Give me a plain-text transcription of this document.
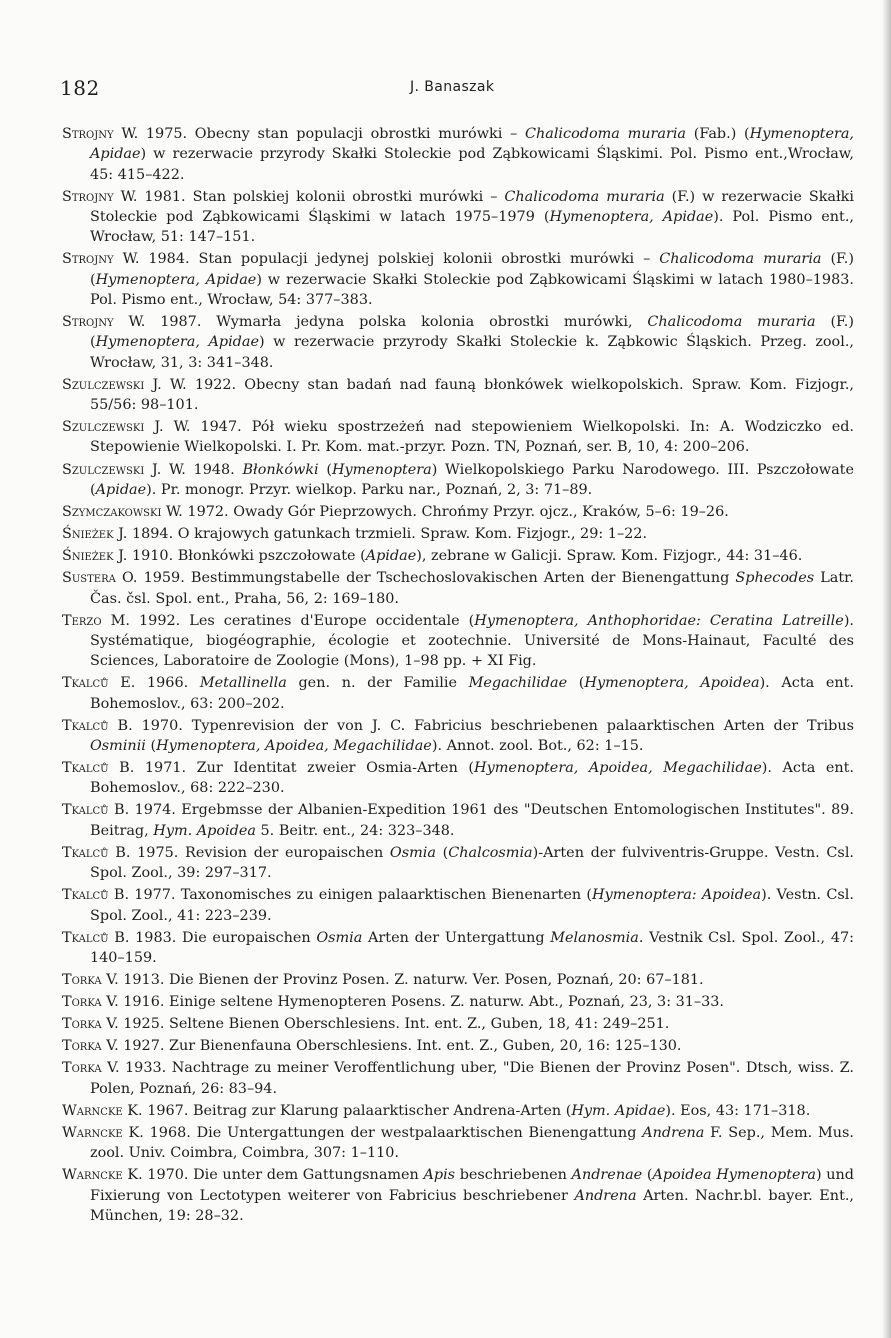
182	J. Banaszak
Strojny W. 1975. Obecny stan populacji obrostki murówki – Chalicodoma muraria (Fab.) (Hymenoptera, Apidae) w rezerwacie przyrody Skałki Stoleckie pod Ząbkowicami Śląskimi. Pol. Pismo ent.,Wrocław, 45: 415–422.
Strojny W. 1981. Stan polskiej kolonii obrostki murówki – Chalicodoma muraria (F.) w rezerwacie Skałki Stoleckie pod Ząbkowicami Śląskimi w latach 1975–1979 (Hymenoptera, Apidae). Pol. Pismo ent., Wrocław, 51: 147–151.
Strojny W. 1984. Stan populacji jedynej polskiej kolonii obrostki murówki – Chalicodoma muraria (F.) (Hymenoptera, Apidae) w rezerwacie Skałki Stoleckie pod Ząbkowicami Śląskimi w latach 1980–1983. Pol. Pismo ent., Wrocław, 54: 377–383.
Strojny W. 1987. Wymarła jedyna polska kolonia obrostki murówki, Chalicodoma muraria (F.) (Hymenoptera, Apidae) w rezerwacie przyrody Skałki Stoleckie k. Ząbkowic Śląskich. Przeg. zool., Wrocław, 31, 3: 341–348.
Szulczewski J. W. 1922. Obecny stan badań nad fauną błonkówek wielkopolskich. Spraw. Kom. Fizjogr., 55/56: 98–101.
Szulczewski J. W. 1947. Pół wieku spostrzeżeń nad stepowieniem Wielkopolski. In: A. Wodziczko ed. Stepowienie Wielkopolski. I. Pr. Kom. mat.-przyr. Pozn. TN, Poznań, ser. B, 10, 4: 200–206.
Szulczewski J. W. 1948. Błonkówki (Hymenoptera) Wielkopolskiego Parku Narodowego. III. Pszczołowate (Apidae). Pr. monogr. Przyr. wielkop. Parku nar., Poznań, 2, 3: 71–89.
Szymczakowski W. 1972. Owady Gór Pieprzowych. Chrońmy Przyr. ojcz., Kraków, 5–6: 19–26.
Śnieżek J. 1894. O krajowych gatunkach trzmieli. Spraw. Kom. Fizjogr., 29: 1–22.
Śnieżek J. 1910. Błonkówki pszczołowate (Apidae), zebrane w Galicji. Spraw. Kom. Fizjogr., 44: 31–46.
Sustera O. 1959. Bestimmungstabelle der Tschechoslovakischen Arten der Bienengattung Sphecodes Latr. Čas. čsl. Spol. ent., Praha, 56, 2: 169–180.
Terzo M. 1992. Les ceratines d'Europe occidentale (Hymenoptera, Anthophoridae: Ceratina Latreille). Systématique, biogéographie, écologie et zootechnie. Université de Mons-Hainaut, Faculté des Sciences, Laboratoire de Zoologie (Mons), 1–98 pp. + XI Fig.
Tkalců E. 1966. Metallinella gen. n. der Familie Megachilidae (Hymenoptera, Apoidea). Acta ent. Bohemoslov., 63: 200–202.
Tkalců B. 1970. Typenrevision der von J. C. Fabricius beschriebenen palaarktischen Arten der Tribus Osminii (Hymenoptera, Apoidea, Megachilidae). Annot. zool. Bot., 62: 1–15.
Tkalců B. 1971. Zur Identitat zweier Osmia-Arten (Hymenoptera, Apoidea, Megachilidae). Acta ent. Bohemoslov., 68: 222–230.
Tkalců B. 1974. Ergebmsse der Albanien-Expedition 1961 des "Deutschen Entomologischen Institutes". 89. Beitrag, Hym. Apoidea 5. Beitr. ent., 24: 323–348.
Tkalců B. 1975. Revision der europaischen Osmia (Chalcosmia)-Arten der fulviventris-Gruppe. Vestn. Csl. Spol. Zool., 39: 297–317.
Tkalců B. 1977. Taxonomisches zu einigen palaarktischen Bienenarten (Hymenoptera: Apoidea). Vestn. Csl. Spol. Zool., 41: 223–239.
Tkalců B. 1983. Die europaischen Osmia Arten der Untergattung Melanosmia. Vestnik Csl. Spol. Zool., 47: 140–159.
Torka V. 1913. Die Bienen der Provinz Posen. Z. naturw. Ver. Posen, Poznań, 20: 67–181.
Torka V. 1916. Einige seltene Hymenopteren Posens. Z. naturw. Abt., Poznań, 23, 3: 31–33.
Torka V. 1925. Seltene Bienen Oberschlesiens. Int. ent. Z., Guben, 18, 41: 249–251.
Torka V. 1927. Zur Bienenfauna Oberschlesiens. Int. ent. Z., Guben, 20, 16: 125–130.
Torka V. 1933. Nachtrage zu meiner Veroffentlichung uber, "Die Bienen der Provinz Posen". Dtsch, wiss. Z. Polen, Poznań, 26: 83–94.
Warncke K. 1967. Beitrag zur Klarung palaarktischer Andrena-Arten (Hym. Apidae). Eos, 43: 171–318.
Warncke K. 1968. Die Untergattungen der westpalaarktischen Bienengattung Andrena F. Sep., Mem. Mus. zool. Univ. Coimbra, Coimbra, 307: 1–110.
Warncke K. 1970. Die unter dem Gattungsnamen Apis beschriebenen Andrenae (Apoidea Hymenoptera) und Fixierung von Lectotypen weiterer von Fabricius beschriebener Andrena Arten. Nachr.bl. bayer. Ent., München, 19: 28–32.
